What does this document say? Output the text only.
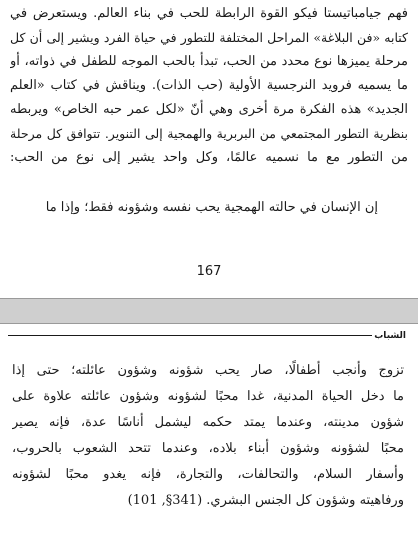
فهم جيامباتيستا فيكو القوة الرابطة للحب في بناء العالم. ويستعرض في
كتابه «فن البلاغة» المراحل المختلفة للتطور في حياة الفرد ويشير إلى أن كل
مرحلة يميزها نوع محدد من الحب، تبدأ بالحب الموجه للطفل في ذواته، أو
ما يسميه فرويد النرجسية الأولية (حب الذات). ويناقش في كتاب «العلم
الجديد» هذه الفكرة مرة أخرى وهي أنّ «لكل عمر حبه الخاص» ويربطه
بنظرية التطور المجتمعي من البربرية والهمجية إلى التنوير. تتوافق كل مرحلة
من التطور مع ما نسميه عالمًا، وكل واحد يشير إلى نوع من الحب:
إن الإنسان في حالته الهمجية يحب نفسه وشؤونه فقط؛ وإذا ما
167
الشباب
تزوج وأنجب أطفالًا، صار يحب شؤونه وشؤون عائلته؛ حتى إذا
ما دخل الحياة المدنية، غدا محبًا لشؤونه وشؤون عائلته علاوة على
شؤون مدينته، وعندما يمتد حكمه ليشمل أناسًا عدة، فإنه يصير
محبًا لشؤونه وشؤون أبناء بلاده، وعندما تتحد الشعوب بالحروب،
وأسفار السلام، والتحالفات، والتجارة، فإنه يغدو محبًا لشؤونه
ورفاهيته وشؤون كل الجنس البشري. (341§, 101)
